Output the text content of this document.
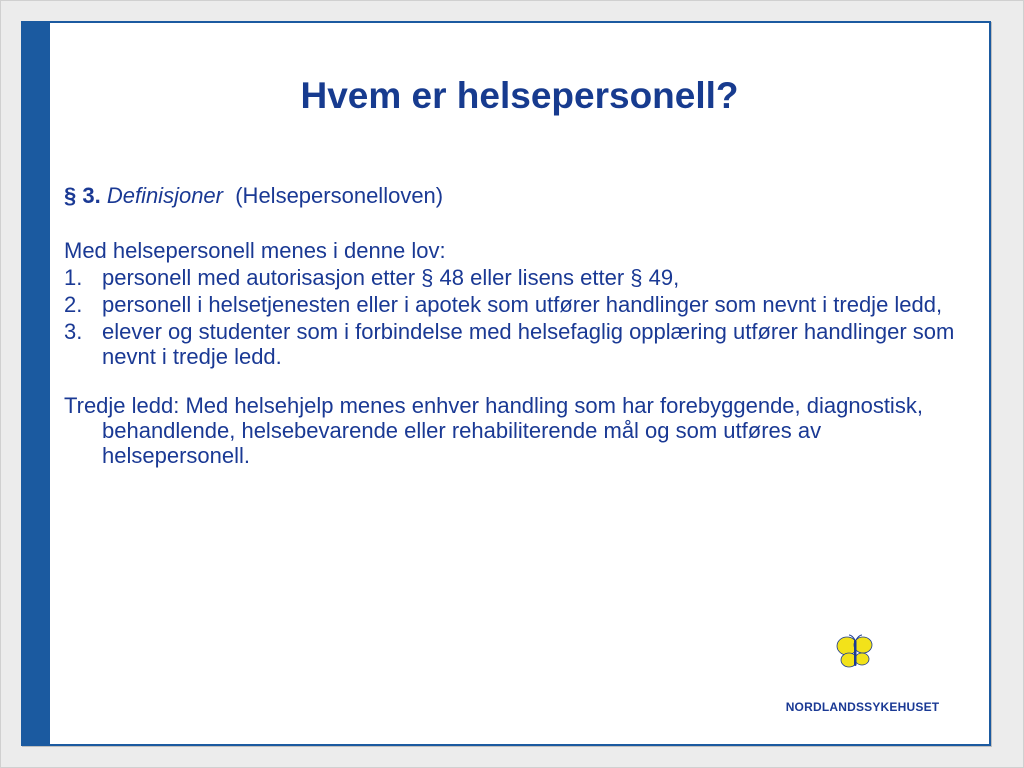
Hvem er helsepersonell?
§ 3. Definisjoner (Helsepersonelloven)
Med helsepersonell menes i denne lov:
1. personell med autorisasjon etter § 48 eller lisens etter § 49,
2. personell i helsetjenesten eller i apotek som utfører handlinger som nevnt i tredje ledd,
3. elever og studenter som i forbindelse med helsefaglig opplæring utfører handlinger som nevnt i tredje ledd.
Tredje ledd: Med helsehjelp menes enhver handling som har forebyggende, diagnostisk, behandlende, helsebevarende eller rehabiliterende mål og som utføres av helsepersonell.
NORDLANDSSYKEHUSET
